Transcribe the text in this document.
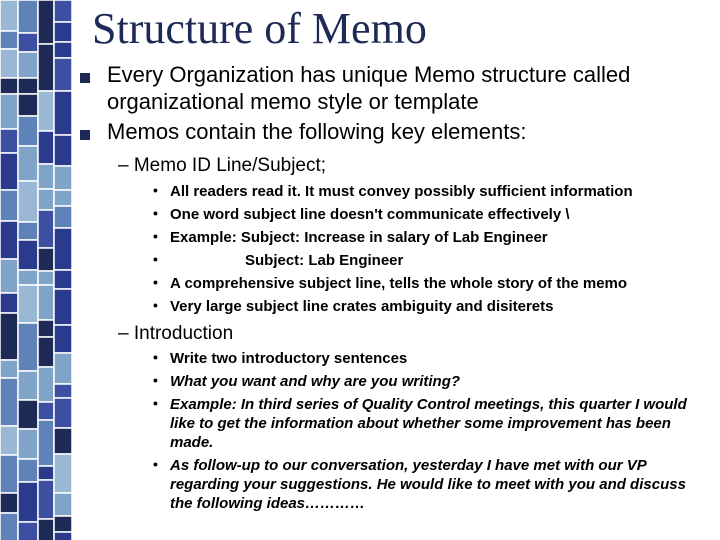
Structure of Memo
Every Organization has unique Memo structure called organizational memo style or template
Memos contain the following key elements:
– Memo ID Line/Subject;
• All readers read it. It must convey possibly sufficient information
• One word subject line doesn't communicate effectively \
• Example: Subject: Increase in salary of Lab Engineer
•	Subject: Lab Engineer
• A comprehensive subject line, tells the whole story of the memo
• Very large subject line crates ambiguity and disiterets
– Introduction
• Write two introductory sentences
• What you want and why are you writing?
• Example: In third series of Quality Control meetings, this quarter I would like to get the information about whether some improvement has been made.
• As follow-up to our conversation, yesterday I have met with our VP regarding your suggestions. He would like to meet with you and discuss the following ideas…………
